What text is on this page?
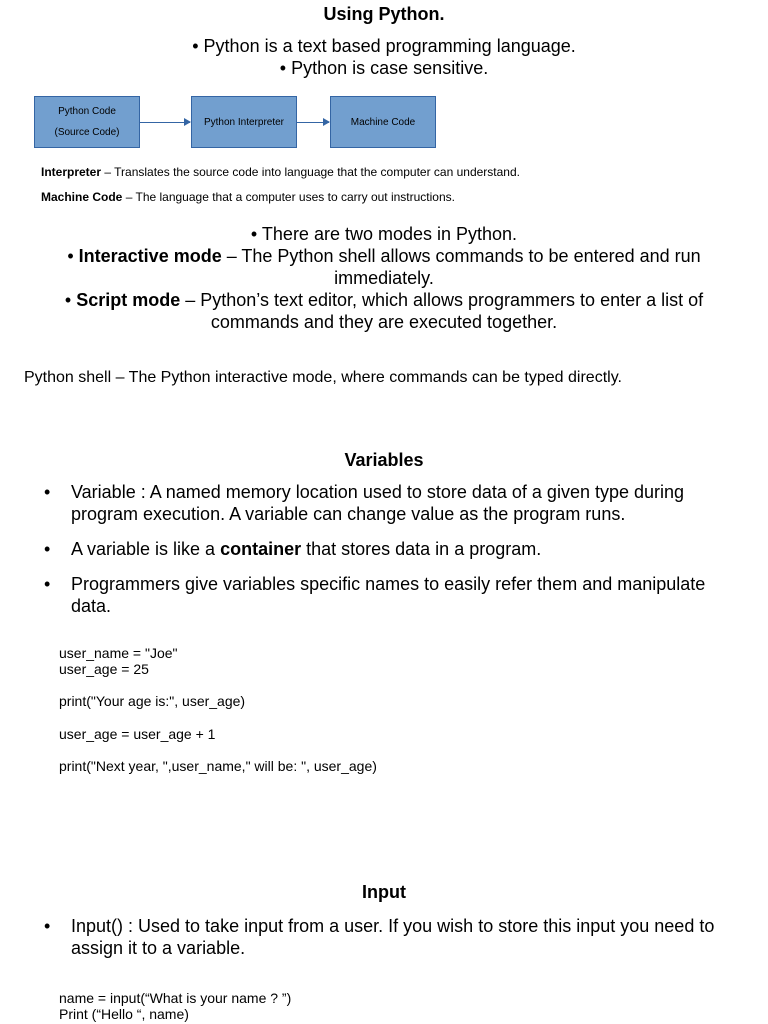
Using Python.
• Python is a text based programming language.
• Python is case sensitive.
Python Code
(Source Code)
Python Interpreter	Machine Code
Interpreter – Translates the source code into language that the computer can understand.
Machine Code – The language that a computer uses to carry out instructions.
• There are two modes in Python.
• Interactive mode – The Python shell allows commands to be entered and run immediately.
• Script mode – Python’s text editor, which allows programmers to enter a list of commands and they are executed together.
Python shell – The Python interactive mode, where commands can be typed directly.
Variables
• Variable : A named memory location used to store data of a given type during program execution. A variable can change value as the program runs.
• A variable is like a container that stores data in a program.
• Programmers give variables specific names to easily refer them and manipulate data.
user_name = "Joe"
user_age = 25
print("Your age is:", user_age)
user_age = user_age + 1
print("Next year, ",user_name," will be: ", user_age)
Input
• Input() : Used to take input from a user. If you wish to store this input you need to assign it to a variable.
name = input(“What is your name ? ”)
Print (“Hello “, name)
